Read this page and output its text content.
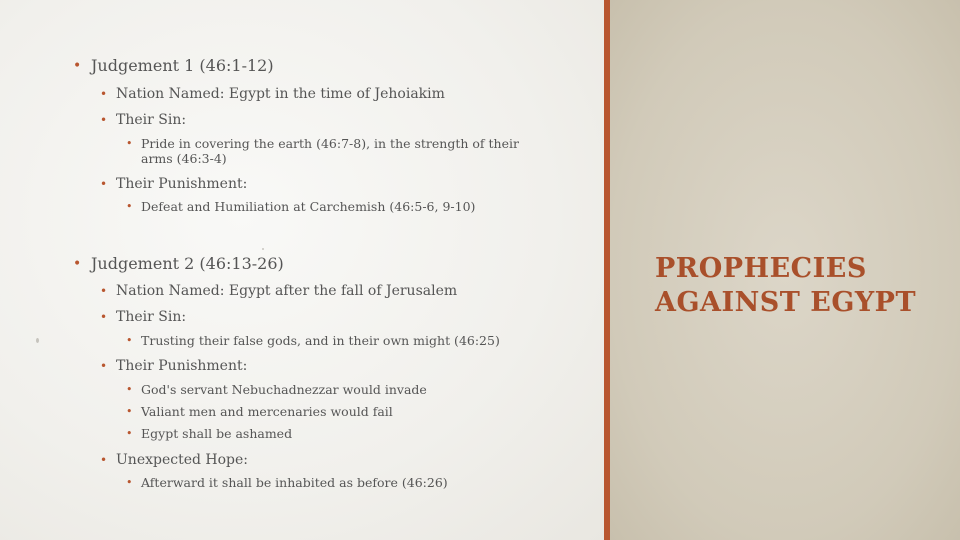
PROPHECIES
AGAINST EGYPT
• Judgement 1 (46:1-12)
• Nation Named: Egypt in the time of Jehoiakim
• Their Sin:
• Pride in covering the earth (46:7-8), in the strength of their
arms (46:3-4)
• Their Punishment:
• Defeat and Humiliation at Carchemish (46:5-6, 9-10)
• Judgement 2 (46:13-26)
• Nation Named: Egypt after the fall of Jerusalem
• Their Sin:
• Trusting their false gods, and in their own might (46:25)
• Their Punishment:
• God's servant Nebuchadnezzar would invade
• Valiant men and mercenaries would fail
• Egypt shall be ashamed
• Unexpected Hope:
• Afterward it shall be inhabited as before (46:26)
